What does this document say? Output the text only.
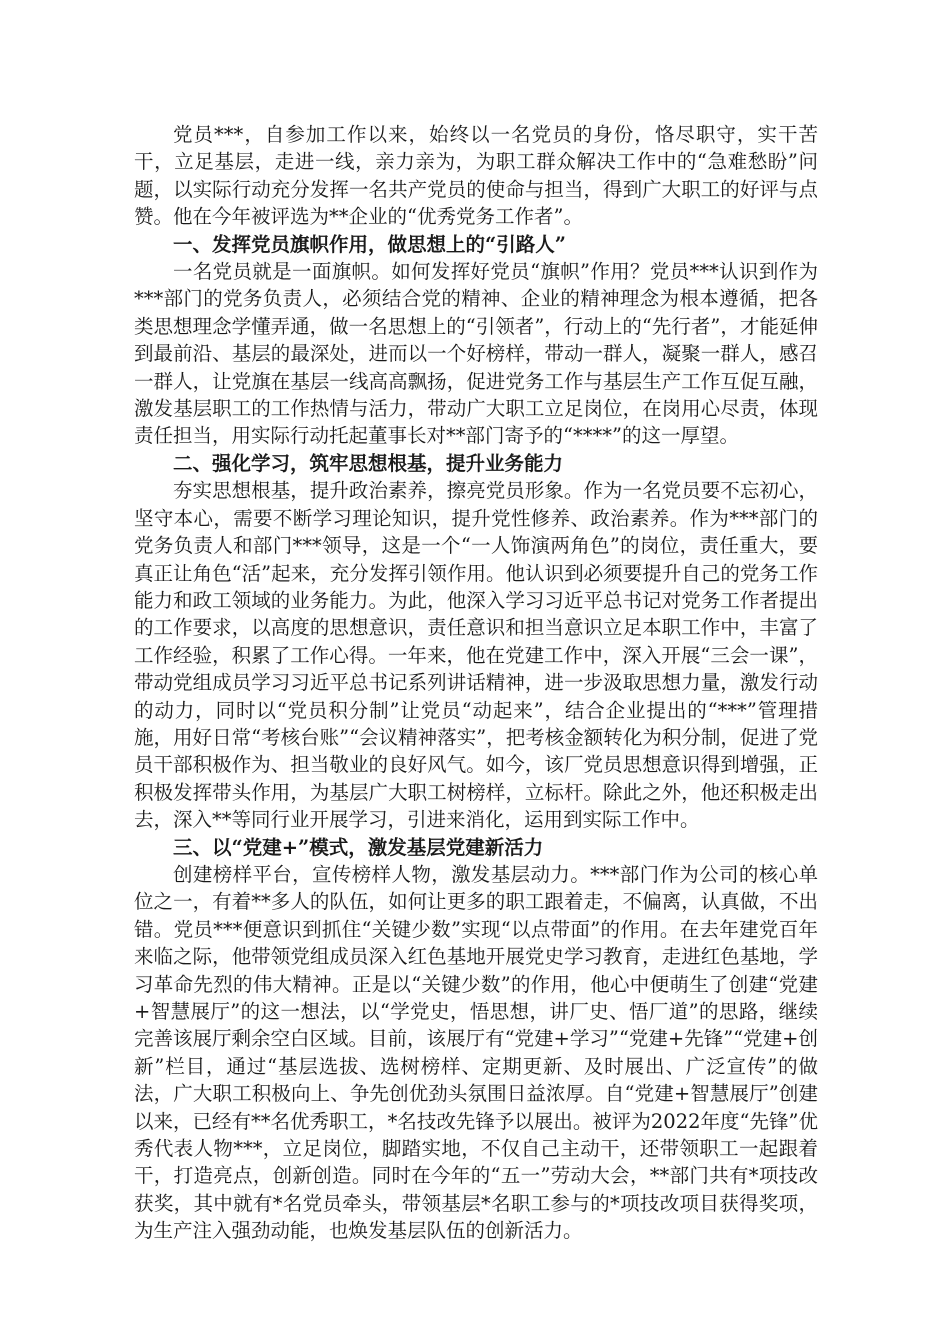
党员***，自参加工作以来，始终以一名党员的身份，恪尽职守，实干苦干，立足基层，走进一线，亲力亲为，为职工群众解决工作中的“急难愁盼”问题，以实际行动充分发挥一名共产党员的使命与担当，得到广大职工的好评与点赞。他在今年被评选为**企业的“优秀党务工作者”。

一、发挥党员旗帜作用，做思想上的“引路人”

一名党员就是一面旗帜。如何发挥好党员“旗帜”作用？党员***认识到作为***部门的党务负责人，必须结合党的精神、企业的精神理念为根本遵循，把各类思想理念学懂弄通，做一名思想上的“引领者”，行动上的“先行者”，才能延伸到最前沿、基层的最深处，进而以一个好榜样，带动一群人，凝聚一群人，感召一群人，让党旗在基层一线高高飘扬，促进党务工作与基层生产工作互促互融，激发基层职工的工作热情与活力，带动广大职工立足岗位，在岗用心尽责，体现责任担当，用实际行动托起董事长对**部门寄予的“****”的这一厚望。

二、强化学习，筑牢思想根基，提升业务能力

夯实思想根基，提升政治素养，擦亮党员形象。作为一名党员要不忘初心，坚守本心，需要不断学习理论知识，提升党性修养、政治素养。作为***部门的党务负责人和部门***领导，这是一个“一人饰演两角色”的岗位，责任重大，要真正让角色“活”起来，充分发挥引领作用。他认识到必须要提升自己的党务工作能力和政工领域的业务能力。为此，他深入学习习近平总书记对党务工作者提出的工作要求，以高度的思想意识，责任意识和担当意识立足本职工作中，丰富了工作经验，积累了工作心得。一年来，他在党建工作中，深入开展“三会一课”，带动党组成员学习习近平总书记系列讲话精神，进一步汲取思想力量，激发行动的动力，同时以“党员积分制”让党员“动起来”，结合企业提出的“***”管理措施，用好日常“考核台账”“会议精神落实”，把考核金额转化为积分制，促进了党员干部积极作为、担当敬业的良好风气。如今，该厂党员思想意识得到增强，正积极发挥带头作用，为基层广大职工树榜样，立标杆。除此之外，他还积极走出去，深入**等同行业开展学习，引进来消化，运用到实际工作中。

三、以“党建+”模式，激发基层党建新活力

创建榜样平台，宣传榜样人物，激发基层动力。***部门作为公司的核心单位之一，有着**多人的队伍，如何让更多的职工跟着走，不偏离，认真做，不出错。党员***便意识到抓住“关键少数”实现“以点带面”的作用。在去年建党百年来临之际，他带领党组成员深入红色基地开展党史学习教育，走进红色基地，学习革命先烈的伟大精神。正是以“关键少数”的作用，他心中便萌生了创建“党建+智慧展厅”的这一想法，以“学党史，悟思想，讲厂史、悟厂道”的思路，继续完善该展厅剩余空白区域。目前，该展厅有“党建+学习”“党建+先锋”“党建+创新”栏目，通过“基层选拔、选树榜样、定期更新、及时展出、广泛宣传”的做法，广大职工积极向上、争先创优劲头氛围日益浓厚。自“党建+智慧展厅”创建以来，已经有**名优秀职工，*名技改先锋予以展出。被评为2022年度“先锋”优秀代表人物***，立足岗位，脚踏实地，不仅自己主动干，还带领职工一起跟着干，打造亮点，创新创造。同时在今年的“五一”劳动大会，**部门共有*项技改获奖，其中就有*名党员牵头，带领基层*名职工参与的*项技改项目获得奖项，为生产注入强劲动能，也焕发基层队伍的创新活力。
